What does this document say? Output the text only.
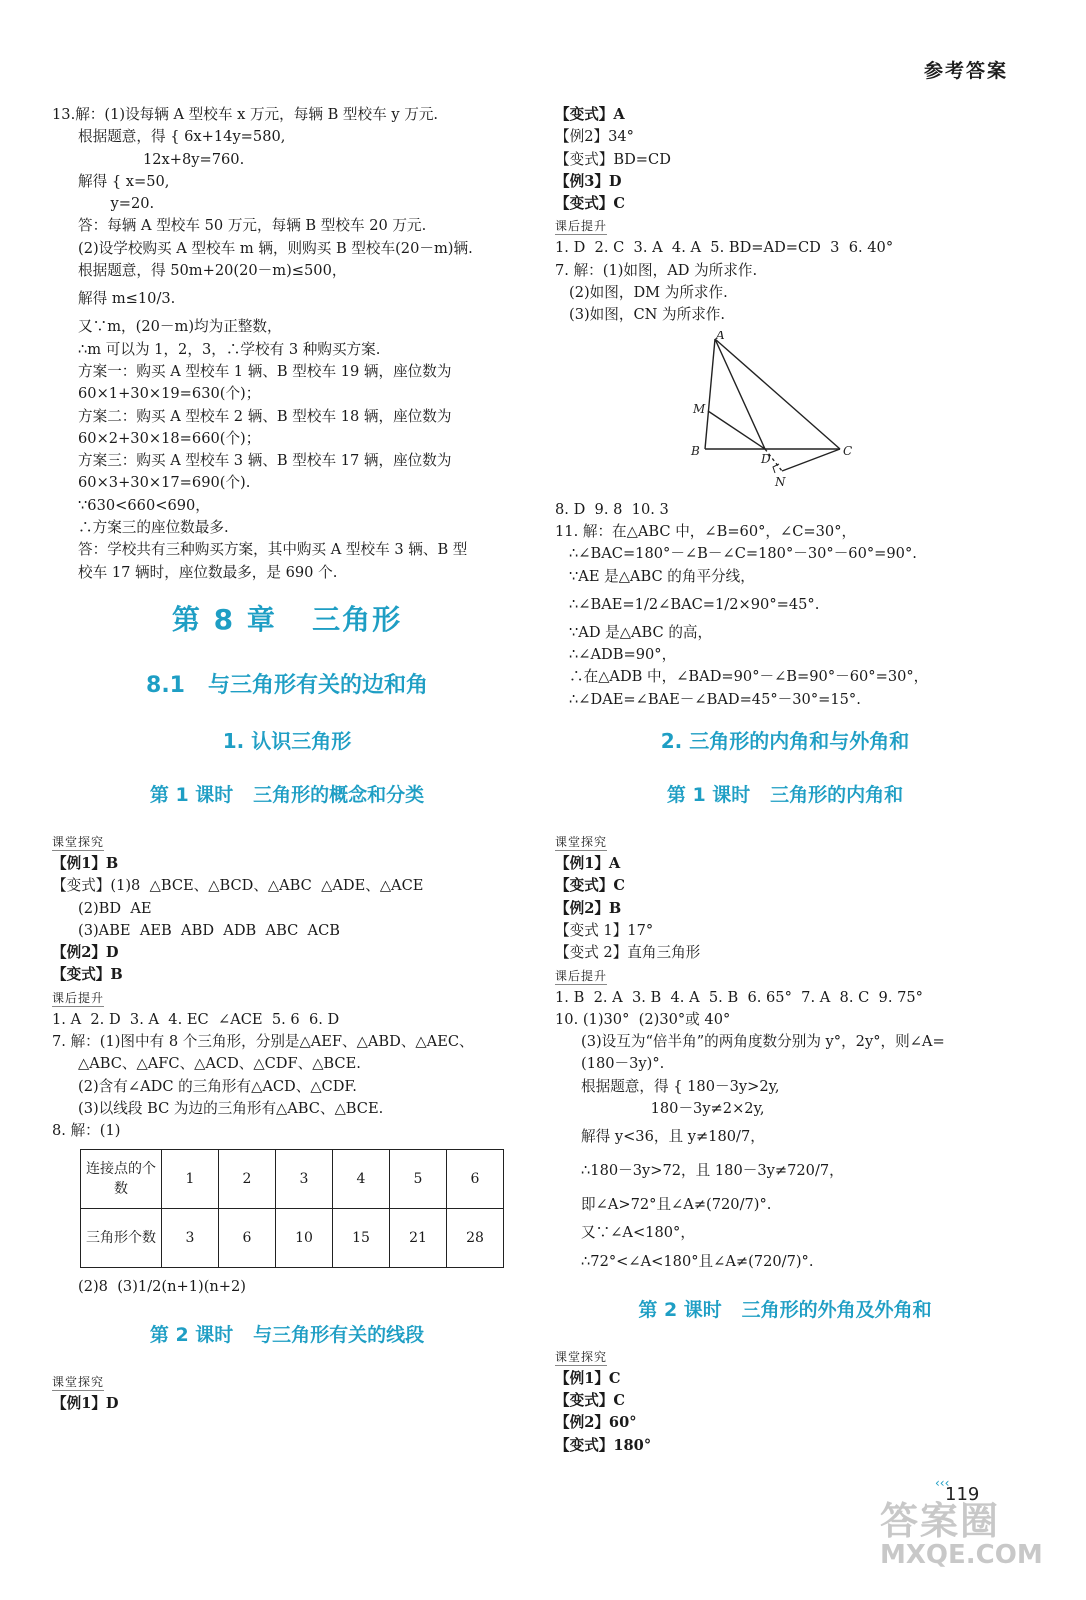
参考答案
13.解：(1)设每辆 A 型校车 x 万元，每辆 B 型校车 y 万元.
根据题意，得 { 6x+14y=580,
12x+8y=760.
解得 { x=50,
y=20.
答：每辆 A 型校车 50 万元，每辆 B 型校车 20 万元.
(2)设学校购买 A 型校车 m 辆，则购买 B 型校车(20－m)辆.
根据题意，得 50m+20(20－m)≤500，
解得 m≤10/3.
又∵m，(20－m)均为正整数，
∴m 可以为 1，2，3，∴学校有 3 种购买方案.
方案一：购买 A 型校车 1 辆、B 型校车 19 辆，座位数为
60×1+30×19=630(个)；
方案二：购买 A 型校车 2 辆、B 型校车 18 辆，座位数为
60×2+30×18=660(个)；
方案三：购买 A 型校车 3 辆、B 型校车 17 辆，座位数为
60×3+30×17=690(个).
∵630<660<690，
∴方案三的座位数最多.
答：学校共有三种购买方案，其中购买 A 型校车 3 辆、B 型
校车 17 辆时，座位数最多，是 690 个.
第 8 章   三角形
8.1   与三角形有关的边和角
1. 认识三角形
第 1 课时   三角形的概念和分类
课堂探究
【例1】B
【变式】(1)8  △BCE、△BCD、△ABC  △ADE、△ACE
(2)BD  AE
(3)ABE  AEB  ABD  ADB  ABC  ACB
【例2】D
【变式】B
课后提升
1. A  2. D  3. A  4. EC  ∠ACE  5. 6  6. D
7. 解：(1)图中有 8 个三角形，分别是△AEF、△ABD、△AEC、
△ABC、△AFC、△ACD、△CDF、△BCE.
(2)含有∠ADC 的三角形有△ACD、△CDF.
(3)以线段 BC 为边的三角形有△ABC、△BCE.
8. 解：(1)
连接点的个数	1	2	3	4	5	6
三角形个数	3	6	10	15	21	28
(2)8  (3)1/2(n+1)(n+2)
第 2 课时   与三角形有关的线段
课堂探究
【例1】D
【变式】A
【例2】34°
【变式】BD=CD
【例3】D
【变式】C
课后提升
1. D  2. C  3. A  4. A  5. BD=AD=CD  3  6. 40°
7. 解：(1)如图，AD 为所求作.
(2)如图，DM 为所求作.
(3)如图，CN 为所求作.
A
B	C
D
M
N
8. D  9. 8  10. 3
11. 解：在△ABC 中，∠B=60°，∠C=30°，
∴∠BAC=180°－∠B－∠C=180°－30°－60°=90°.
∵AE 是△ABC 的角平分线，
∴∠BAE=1/2∠BAC=1/2×90°=45°.
∵AD 是△ABC 的高，
∴∠ADB=90°，
∴在△ADB 中，∠BAD=90°－∠B=90°－60°=30°，
∴∠DAE=∠BAE－∠BAD=45°－30°=15°.
2. 三角形的内角和与外角和
第 1 课时   三角形的内角和
课堂探究
【例1】A
【变式】C
【例2】B
【变式 1】17°
【变式 2】直角三角形
课后提升
1. B  2. A  3. B  4. A  5. B  6. 65°  7. A  8. C  9. 75°
10. (1)30°  (2)30°或 40°
(3)设互为“倍半角”的两角度数分别为 y°，2y°，则∠A=
(180－3y)°.
根据题意，得 { 180－3y>2y,
180－3y≠2×2y,
解得 y<36，且 y≠180/7，
∴180－3y>72，且 180－3y≠720/7，
即∠A>72°且∠A≠(720/7)°.
又∵∠A<180°，
∴72°<∠A<180°且∠A≠(720/7)°.
第 2 课时   三角形的外角及外角和
课堂探究
【例1】C
【变式】C
【例2】60°
【变式】180°
‹‹‹
119
答案圈
MXQE.COM
